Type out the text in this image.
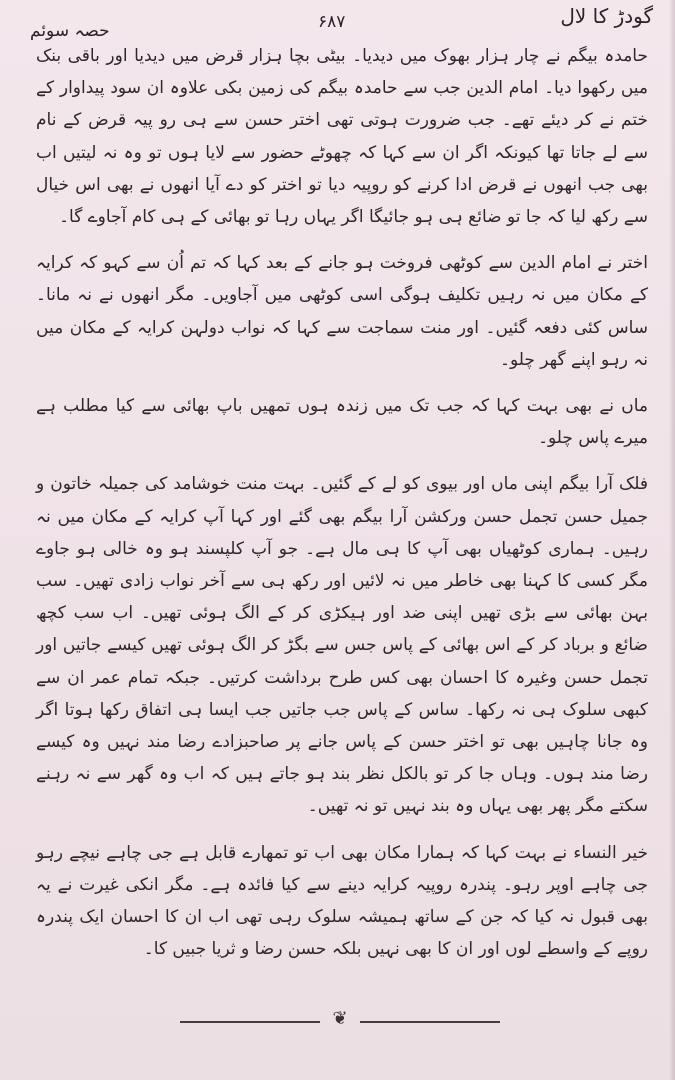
گودڑ کا لال
۶۸۷
حصہ سوئم

حامدہ بیگم نے چار ہزار بھوک میں دیدیا۔ بیٹی بچا ہزار قرض میں دیدیا اور باقی بنک میں رکھوا دیا۔ امام الدین جب سے حامدہ بیگم کی زمین بکی علاوہ ان سود پیداوار کے ختم نے کر دیئے تھے۔ جب ضرورت ہوتی تھی اختر حسن سے ہی رو پیہ قرض کے نام سے لے جاتا تھا کیونکہ اگر ان سے کہا کہ چھوٹے حضور سے لایا ہوں تو وہ نہ لیتیں اب بھی جب انھوں نے قرض ادا کرنے کو روپیہ دیا تو اختر کو دے آیا انھوں نے بھی اس خیال سے رکھ لیا کہ جا تو ضائع ہی ہو جائیگا اگر یہاں رہا تو بھائی کے ہی کام آجاوے گا۔

اختر نے امام الدین سے کوٹھی فروخت ہو جانے کے بعد کہا کہ تم اُن سے کہو کہ کرایہ کے مکان میں نہ رہیں تکلیف ہوگی اسی کوٹھی میں آجاویں۔ مگر انھوں نے نہ مانا۔ ساس کئی دفعہ گئیں۔ اور منت سماجت سے کہا کہ نواب دولہن کرایہ کے مکان میں نہ رہو اپنے گھر چلو۔

ماں نے بھی بہت کہا کہ جب تک میں زندہ ہوں تمھیں باپ بھائی سے کیا مطلب ہے میرے پاس چلو۔

فلک آرا بیگم اپنی ماں اور بیوی کو لے کے گئیں۔ بہت منت خوشامد کی جمیلہ خاتون و جمیل حسن تجمل حسن ورکشن آرا بیگم بھی گئے اور کہا آپ کرایہ کے مکان میں نہ رہیں۔ ہماری کوٹھیاں بھی آپ کا ہی مال ہے۔ جو آپ کلپسند ہو وہ خالی ہو جاوے مگر کسی کا کہنا بھی خاطر میں نہ لائیں اور رکھ ہی سے آخر نواب زادی تھیں۔ سب بہن بھائی سے بڑی تھیں اپنی ضد اور ہیکڑی کر کے الگ ہوئی تھیں۔ اب سب کچھ ضائع و برباد کر کے اس بھائی کے پاس جس سے بگڑ کر الگ ہوئی تھیں کیسے جاتیں اور تجمل حسن وغیرہ کا احسان بھی کس طرح برداشت کرتیں۔ جبکہ تمام عمر ان سے کبھی سلوک ہی نہ رکھا۔ ساس کے پاس جب جاتیں جب ایسا ہی اتفاق رکھا ہوتا اگر وہ جانا چاہیں بھی تو اختر حسن کے پاس جانے پر صاحبزادے رضا مند نہیں وہ کیسے رضا مند ہوں۔ وہاں جا کر تو بالکل نظر بند ہو جاتے ہیں کہ اب وہ گھر سے نہ رہنے سکتے مگر پھر بھی یہاں وہ بند نہیں تو نہ تھیں۔

خیر النساء نے بہت کہا کہ ہمارا مکان بھی اب تو تمھارے قابل ہے جی چاہے نیچے رہو جی چاہے اوپر رہو۔ پندرہ روپیہ کرایہ دینے سے کیا فائدہ ہے۔ مگر انکی غیرت نے یہ بھی قبول نہ کیا کہ جن کے ساتھ ہمیشہ سلوک رہی تھی اب ان کا احسان ایک پندرہ روپے کے واسطے لوں اور ان کا بھی نہیں بلکہ حسن رضا و ثریا جبیں کا۔

❦
